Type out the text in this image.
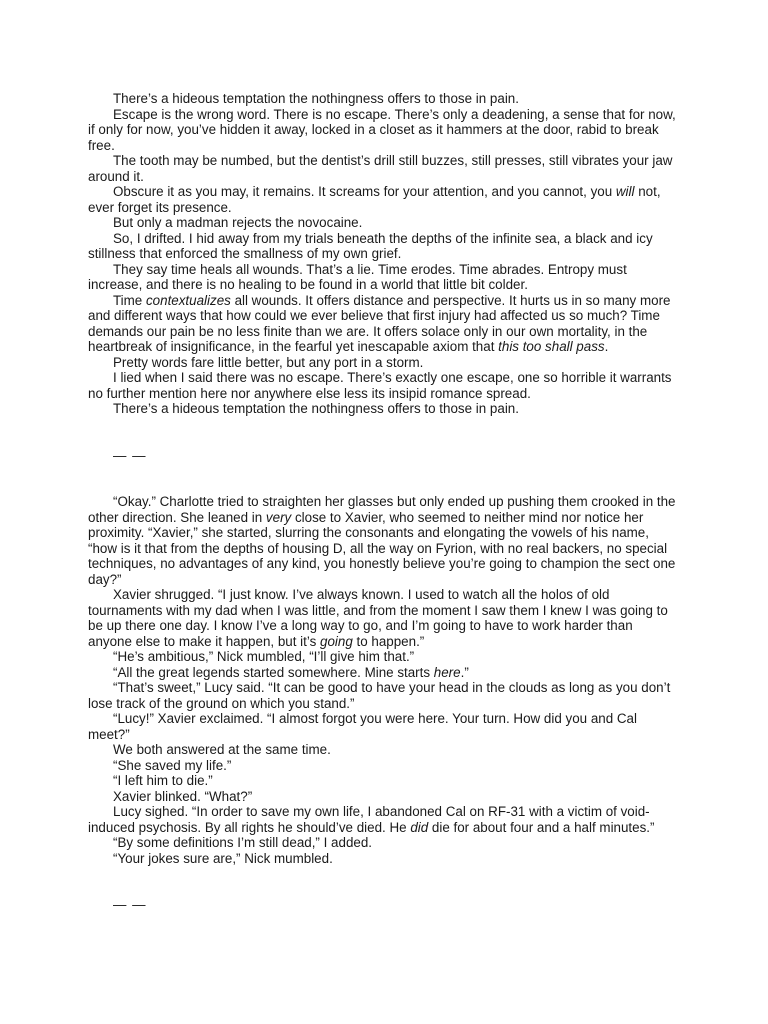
There’s a hideous temptation the nothingness offers to those in pain.

Escape is the wrong word. There is no escape. There’s only a deadening, a sense that for now, if only for now, you’ve hidden it away, locked in a closet as it hammers at the door, rabid to break free.

The tooth may be numbed, but the dentist’s drill still buzzes, still presses, still vibrates your jaw around it.

Obscure it as you may, it remains. It screams for your attention, and you cannot, you will not, ever forget its presence.

But only a madman rejects the novocaine.

So, I drifted. I hid away from my trials beneath the depths of the infinite sea, a black and icy stillness that enforced the smallness of my own grief.

They say time heals all wounds. That’s a lie. Time erodes. Time abrades. Entropy must increase, and there is no healing to be found in a world that little bit colder.

Time contextualizes all wounds. It offers distance and perspective. It hurts us in so many more and different ways that how could we ever believe that first injury had affected us so much? Time demands our pain be no less finite than we are. It offers solace only in our own mortality, in the heartbreak of insignificance, in the fearful yet inescapable axiom that this too shall pass.

Pretty words fare little better, but any port in a storm.

I lied when I said there was no escape. There’s exactly one escape, one so horrible it warrants no further mention here nor anywhere else less its insipid romance spread.

There’s a hideous temptation the nothingness offers to those in pain.

— —

“Okay.” Charlotte tried to straighten her glasses but only ended up pushing them crooked in the other direction. She leaned in very close to Xavier, who seemed to neither mind nor notice her proximity. “Xavier,” she started, slurring the consonants and elongating the vowels of his name, “how is it that from the depths of housing D, all the way on Fyrion, with no real backers, no special techniques, no advantages of any kind, you honestly believe you’re going to champion the sect one day?”

Xavier shrugged. “I just know. I’ve always known. I used to watch all the holos of old tournaments with my dad when I was little, and from the moment I saw them I knew I was going to be up there one day. I know I’ve a long way to go, and I’m going to have to work harder than anyone else to make it happen, but it’s going to happen.”

“He’s ambitious,” Nick mumbled, “I’ll give him that.”

“All the great legends started somewhere. Mine starts here.”

“That’s sweet,” Lucy said. “It can be good to have your head in the clouds as long as you don’t lose track of the ground on which you stand.”

“Lucy!” Xavier exclaimed. “I almost forgot you were here. Your turn. How did you and Cal meet?”

We both answered at the same time.

“She saved my life.”

“I left him to die.”

Xavier blinked. “What?”

Lucy sighed. “In order to save my own life, I abandoned Cal on RF-31 with a victim of void-induced psychosis. By all rights he should’ve died. He did die for about four and a half minutes.”

“By some definitions I’m still dead,” I added.

“Your jokes sure are,” Nick mumbled.

— —
